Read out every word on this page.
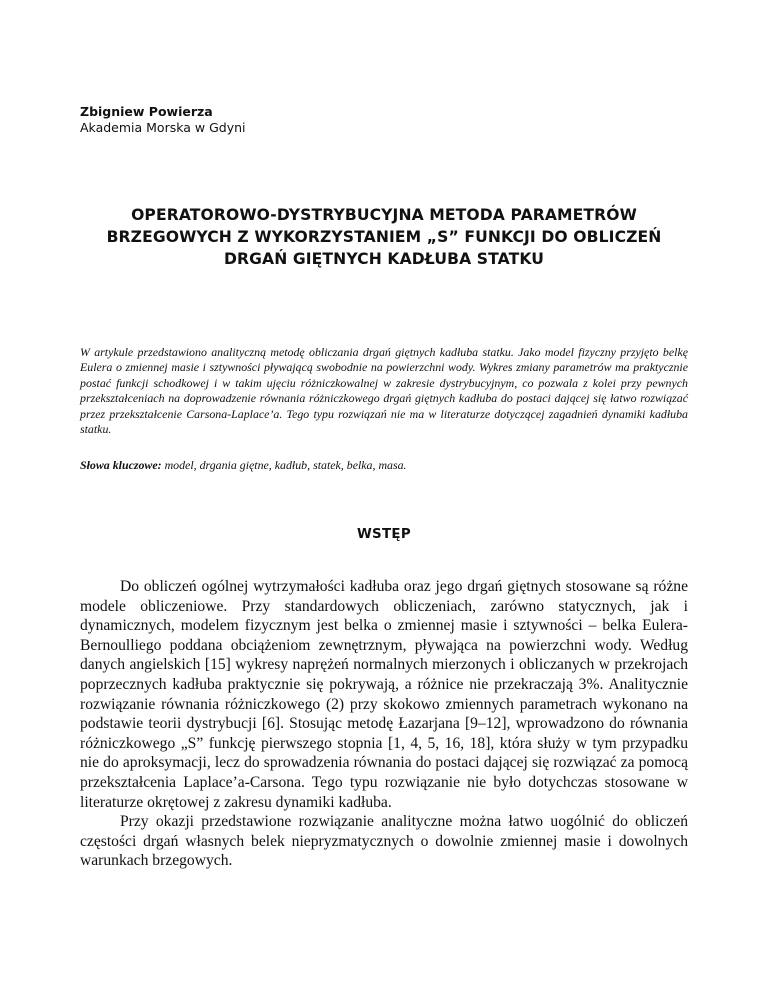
Zbigniew Powierza
Akademia Morska w Gdyni
OPERATOROWO-DYSTRYBUCYJNA METODA PARAMETRÓW
BRZEGOWYCH Z WYKORZYSTANIEM „S” FUNKCJI DO OBLICZEŃ
DRGAŃ GIĘTNYCH KADŁUBA STATKU

W artykule przedstawiono analityczną metodę obliczania drgań giętnych kadłuba statku. Jako model fizyczny przyjęto belkę Eulera o zmiennej masie i sztywności pływającą swobodnie na powierzchni wody. Wykres zmiany parametrów ma praktycznie postać funkcji schodkowej i w takim ujęciu różniczkowalnej w zakresie dystrybucyjnym, co pozwala z kolei przy pewnych przekształceniach na doprowadzenie równania różniczkowego drgań giętnych kadłuba do postaci dającej się łatwo rozwiązać przez przekształcenie Carsona-Laplace’a. Tego typu rozwiązań nie ma w literaturze dotyczącej zagadnień dynamiki kadłuba statku.

Słowa kluczowe: model, drgania giętne, kadłub, statek, belka, masa.

WSTĘP

Do obliczeń ogólnej wytrzymałości kadłuba oraz jego drgań giętnych stosowane są różne modele obliczeniowe. Przy standardowych obliczeniach, zarówno statycznych, jak i dynamicznych, modelem fizycznym jest belka o zmiennej masie i sztywności – belka Eulera-Bernoulliego poddana obciążeniom zewnętrznym, pływająca na powierzchni wody. Według danych angielskich [15] wykresy naprężeń normalnych mierzonych i obliczanych w przekrojach poprzecznych kadłuba praktycznie się pokrywają, a różnice nie przekraczają 3%. Analitycznie rozwiązanie równania różniczkowego (2) przy skokowo zmiennych parametrach wykonano na podstawie teorii dystrybucji [6]. Stosując metodę Łazarjana [9–12], wprowadzono do równania różniczkowego „S” funkcję pierwszego stopnia [1, 4, 5, 16, 18], która służy w tym przypadku nie do aproksymacji, lecz do sprowadzenia równania do postaci dającej się rozwiązać za pomocą przekształcenia Laplace’a-Carsona. Tego typu rozwiązanie nie było dotychczas stosowane w literaturze okrętowej z zakresu dynamiki kadłuba.

Przy okazji przedstawione rozwiązanie analityczne można łatwo uogólnić do obliczeń częstości drgań własnych belek niepryzmatycznych o dowolnie zmiennej masie i dowolnych warunkach brzegowych.
